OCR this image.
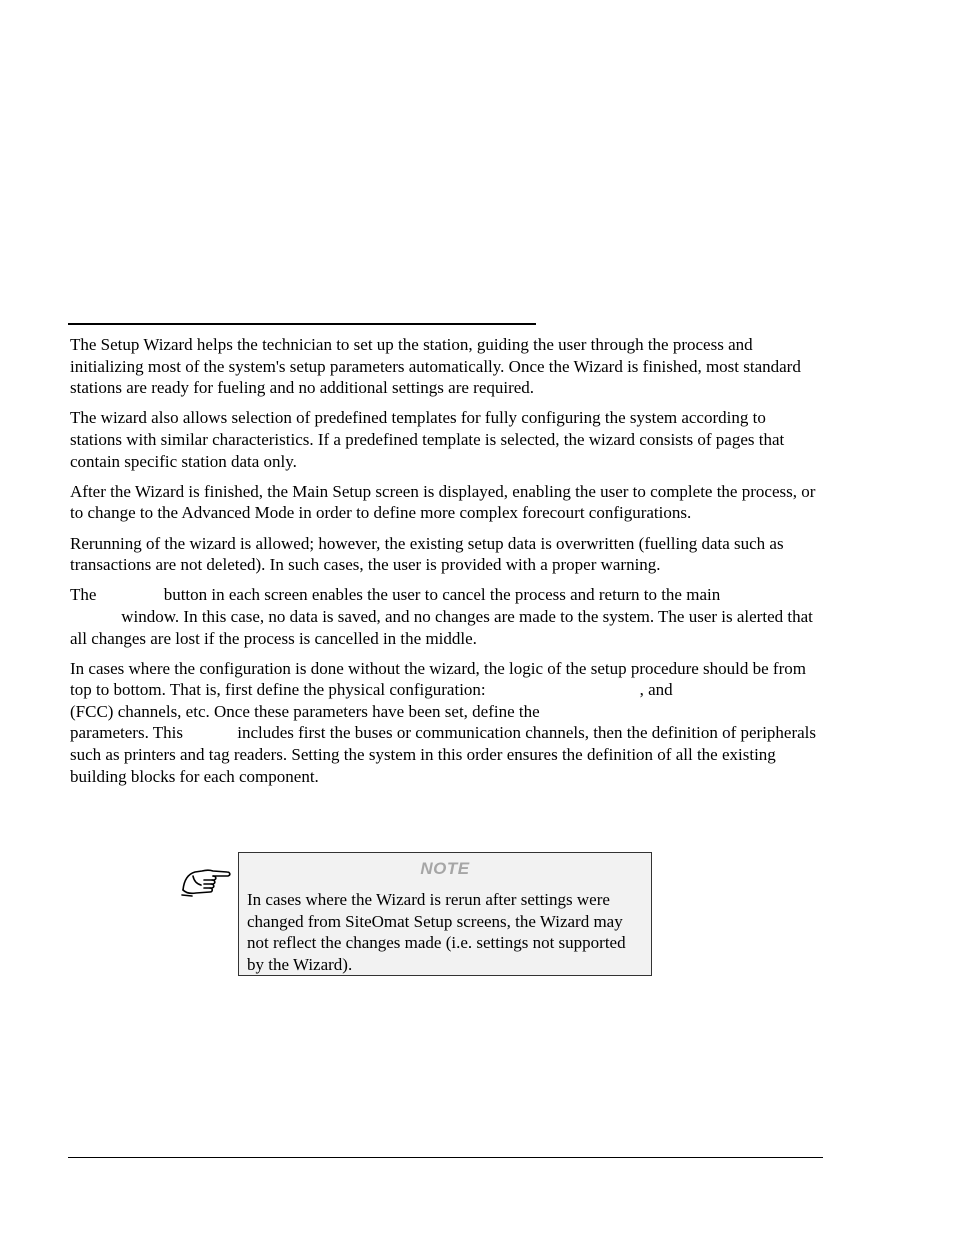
The Setup Wizard helps the technician to set up the station, guiding the user through the process and initializing most of the system's setup parameters automatically. Once the Wizard is finished, most standard stations are ready for fueling and no additional settings are required.

The wizard also allows selection of predefined templates for fully configuring the system according to stations with similar characteristics. If a predefined template is selected, the wizard consists of pages that contain specific station data only.

After the Wizard is finished, the Main Setup screen is displayed, enabling the user to complete the process, or to change to the Advanced Mode in order to define more complex forecourt configurations.

Rerunning of the wizard is allowed; however, the existing setup data is overwritten (fuelling data such as transactions are not deleted). In such cases, the user is provided with a proper warning.

The	button in each screen enables the user to cancel the process and return to the main
window. In this case, no data is saved, and no changes are made to the system. The user is alerted that all changes are lost if the process is cancelled in the middle.

In cases where the configuration is done without the wizard, the logic of the setup procedure should be from top to bottom. That is, first define the physical configuration:	, and (FCC) channels, etc. Once these parameters have been set, define the
parameters. This	includes first the buses or communication channels, then the definition of peripherals such as printers and tag readers. Setting the system in this order ensures the definition of all the existing building blocks for each component.

NOTE
In cases where the Wizard is rerun after settings were changed from SiteOmat Setup screens, the Wizard may not reflect the changes made (i.e. settings not supported by the Wizard).
